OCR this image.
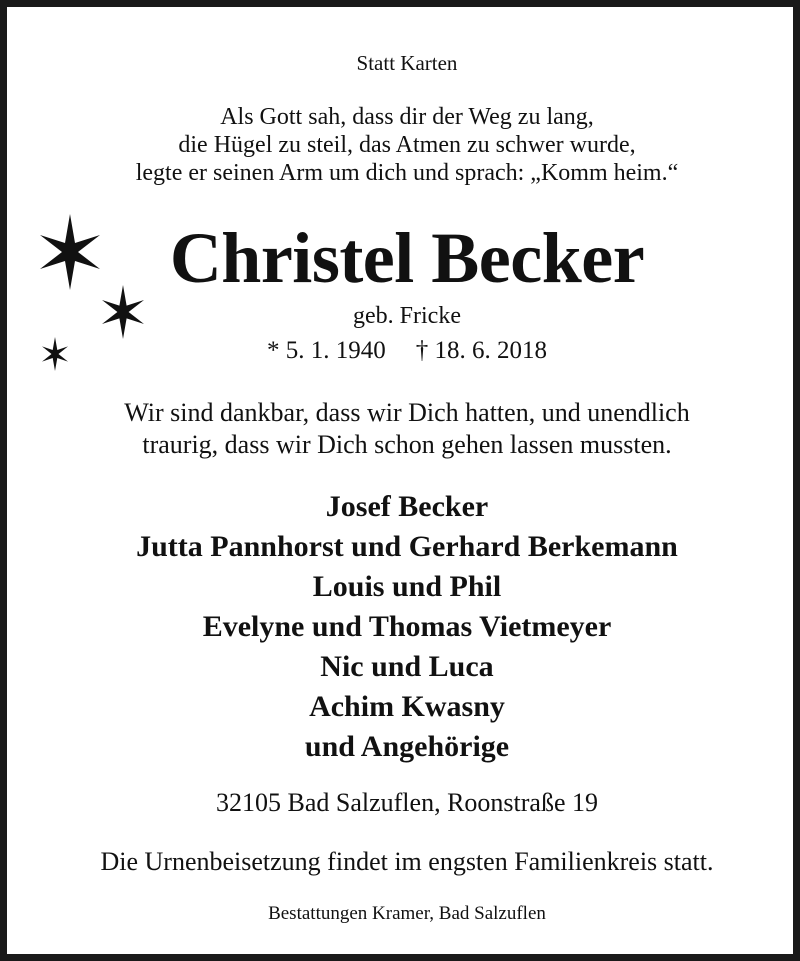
Statt Karten

Als Gott sah, dass dir der Weg zu lang,
die Hügel zu steil, das Atmen zu schwer wurde,
legte er seinen Arm um dich und sprach: „Komm heim.“
Christel Becker

geb. Fricke

* 5. 1. 1940 † 18. 6. 2018

Wir sind dankbar, dass wir Dich hatten, und unendlich
traurig, dass wir Dich schon gehen lassen mussten.
Josef Becker
Jutta Pannhorst und Gerhard Berkemann
Louis und Phil
Evelyne und Thomas Vietmeyer
Nic und Luca
Achim Kwasny
und Angehörige

32105 Bad Salzuflen, Roonstraße 19

Die Urnenbeisetzung findet im engsten Familienkreis statt.

Bestattungen Kramer, Bad Salzuflen
